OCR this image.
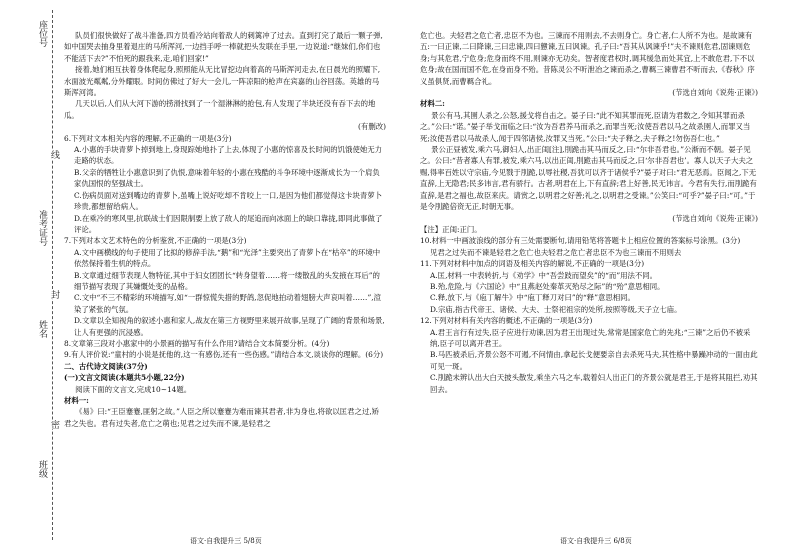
座位号
准考证号
姓名
班级
线
封
密

队员们很快做好了战斗准备,四方员看冷站向着敌人的刺篱冲了过去。直到打完了最后一颗子弹,如中国哭去抽身里着退庄的马所浑河,一边挡手呼一棒就把头发联在手里,一边说道:“继妹们,你们也不能活下去?”不怕死的跟我来,走,咱们回家!”

接着,她们相互扶着身体爬起身,照照能从无比冒挖边向着高的马斯浑河走去,在日晨光的照耀下,水面波光粼粼,分外耀眼。时间仿佛过了好大一会儿,一阵凉阳的枪声在宾嘉的山谷回荡。英雄的马斯浑河湾。

几天以后,人们从大河下游的捞滑找到了一个湿淋淋的抢包,有人发现了半块还没有吞下去的地瓜。

(有删改)

6.下列对文本相关内容的理解,不正确的一项是(3分)

A.小惠的手块青萝卜掉到地上,身现踪她地扑了上去,体现了小惠的惊喜及长时间的饥饿使她无力走路的状态。

B.父亲的牺牲让小惠意识到了仇恨,意味着年轻的小惠在残酷的斗争环境中逐渐成长为一个肩负家仇国恨的坚强战士。

C.伤病员面对送到嘴边的青萝卜,虽嘴上说好吃却不肯咬上一口,是因为他们都觉得这卡块青萝卜珍贵,都想留给病人。

D.在乘冷的寒风里,抗联战士们因限制要上放了敌人的尾追而向冰面上的缺口靠拢,即同此事做了评论。

7.下列对本文艺术特色的分析鉴赏,不正确的一项是(3分)

A.文中画横线的句子使用了比拟的修辞手法,“鹅”和“光泽”主要突出了青萝卜在“枯卒”的环境中依然保持着生机的特点。

B.文章通过细节表现人物特征,其中于妇女团团长“转身望着……将一缕散乱的头发掖在耳后”的细节描写表现了其嫌慨处变的品格。

C.文中“不三不精彩的环境描写,如“一群惊慌失措的野鸽,忽促地拍动着翅膀大声哀叫着……”,渲染了紧张的气氛。

D.文章以全知视角的叙述小惠和家人,战友在第三方视野里来展开故事,呈现了广阔的背景和场景,让人有更强的沉浸感。

8.文章第三段对小惠家中的小景画的描写有什么作用?请结合文本简要分析。(4分)

9.有人评价说:“童村的小说是抚他的,这一有感伤,还有一些伤感。”请结合本文,谈谈你的理解。(6分)

二、古代诗文阅读(37分)

(一)文言文阅读(本题共5小题,22分)

阅读下面的文言文,完成10~14题。

材料一:

《易》曰:“王臣蹇蹇,匪躬之故。”人臣之所以蹇蹇为难而谏其君者,非为身也,将欲以匡君之过,矫君之失也。君有过失者,危亡之萌也;见君之过失而不谏,是轻君之

危亡也。夫轻君之危亡者,忠臣不为也。三谏而不用则去,不去则身亡。身亡者,仁人所不为也。是故谏有五:一曰正谏,二曰降谏,三曰忠谏,四曰戆谏,五曰讽谏。孔子曰:“吾其从讽谏乎!”夫不谏则危君,固谏则危身;与其危君,宁危身;危身而终不用,则谏亦无功矣。智者度君权时,调其缓急而处其宜,上不敢危君,下不以危身;故在国而国不危,在身而身不殆。昔陈灵公不听泄冶之谏而杀之,曹羁三谏曹君不听而去,《春秋》序义虽俱贤,而曹羁合礼。

(节选自刘向《说苑·正谏》)

材料二:

景公有马,其圉人杀之,公怒,援戈将自击之。晏子曰:“此不知其罪而死,臣请为君数之,令知其罪而杀之。”公曰:“诺。”晏子举戈而临之曰:“汝为吾君养马而杀之,而罪当死;汝使吾君以马之故杀圉人,而罪又当死;汝使吾君以马故杀人,闻于四邻诸侯,汝罪又当死。”公曰:“夫子释之,夫子释之!勿伤吾仁也。”

景公正昼被发,乘六马,御妇人,出正闺[注],刖跪击其马而反之,曰:“尔非吾君也。”公渐而不朝。晏子见之。公曰:“昔者寡人有罪,被发,乘六马,以出正闺,刖跪击其马而反之,曰‘尔非吾君也’。寡人以天子大夫之赐,得率百姓以守宗庙,今见戮于刖跪,以辱社稷,吾犹可以齐于诸侯乎?”晏子对曰:“君无恶焉。臣闻之,下无直辞,上无隐君;民多讳言,君有骄行。古者,明君在上,下有直辞;君上好善,民无讳言。今君有失行,而刖跪有直辞,是君之福也,故臣来庆。请赏之,以明君之好善;礼之,以明君之受谏。”公笑曰:“可乎?”晏子曰:“可。”于是令刖跪倍资无正,时朝无事。

(节选自刘向《说苑·正谏》)

【注】正闺:正门。

10.材料一中画波浪线的部分有三处需要断句,请用铅笔将答题卡上相应位置的答案标号涂黑。(3分)

见君之过失而不谏是轻君之危亡也夫轻君之危亡者忠臣不为也三谏而不用则去

11.下列对材料中加点的词语及相关内容的解说,不正确的一项是(3分)

A.匡,材料一中表转折,与《劝学》中“吾尝跂而望矣”的“而”用法不同。

B.殆,危险,与《六国论》中“且燕赵处秦革灭殆尽之际”的“殆”意思相同。

C.释,放下,与《庖丁解牛》中“庖丁释刀对曰”的“释”意思相同。

D.宗庙,指古代帝王、诸侯、大夫、士祭祀祖宗的处所,按照等级,天子立七庙。

12.下列对材料有关内容的概述,不正确的一项是(3分)

A.君王言行有过失,臣子应进行劝谏,因为君王出现过失,常常是国家危亡的先兆;“三谏”之后仍不被采纳,臣子可以离开君王。

B.马匹被杀后,齐景公怒不可遏,不问情由,拿起长戈便要亲自去杀死马夫,其性格中暴躁冲动的一面由此可见一斑。

C.刖跪未辨认出大白天披头散发,乘坐六马之车,载着妇人出正门的齐景公就是君王,于是将其阻拦,劝其回去。

语文·自我提升三 5/8页	语文·自我提升三 6/8页
